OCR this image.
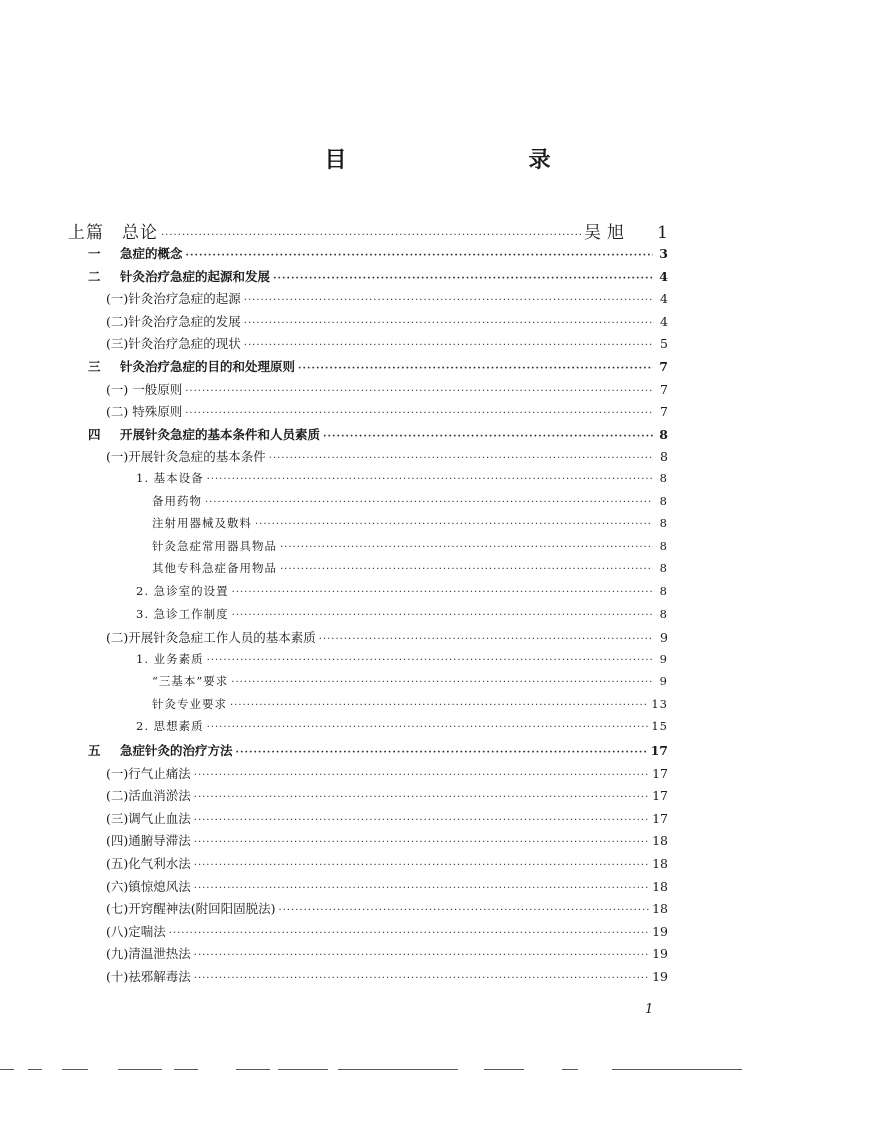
目　　录
上篇　总论 ·····	吴旭 1
一 急症的概念 ·····	3
二 针灸治疗急症的起源和发展 ·····	4
(一)针灸治疗急症的起源 ·····	4
(二)针灸治疗急症的发展 ·····	4
(三)针灸治疗急症的现状 ·····	5
三 针灸治疗急症的目的和处理原则 ·····	7
(一) 一般原则 ·····	7
(二) 特殊原则 ·····	7
四 开展针灸急症的基本条件和人员素质 ·····	8
(一)开展针灸急症的基本条件 ·····	8
1. 基本设备 ·····	8
备用药物 ·····	8
注射用器械及敷料 ·····	8
针灸急症常用器具物品 ·····	8
其他专科急症备用物品 ·····	8
2. 急诊室的设置 ·····	8
3. 急诊工作制度 ·····	8
(二)开展针灸急症工作人员的基本素质 ·····	9
1. 业务素质 ·····	9
“三基本”要求 ·····	9
针灸专业要求 ·····	13
2. 思想素质 ·····	15
五 急症针灸的治疗方法 ·····	17
(一)行气止痛法 ·····	17
(二)活血消淤法 ·····	17
(三)调气止血法 ·····	17
(四)通腑导滞法 ·····	18
(五)化气利水法 ·····	18
(六)镇惊熄风法 ·····	18
(七)开窍醒神法(附回阳固脱法) ·····	18
(八)定喘法 ·····	19
(九)清温泄热法 ·····	19
(十)祛邪解毒法 ·····	19
1
